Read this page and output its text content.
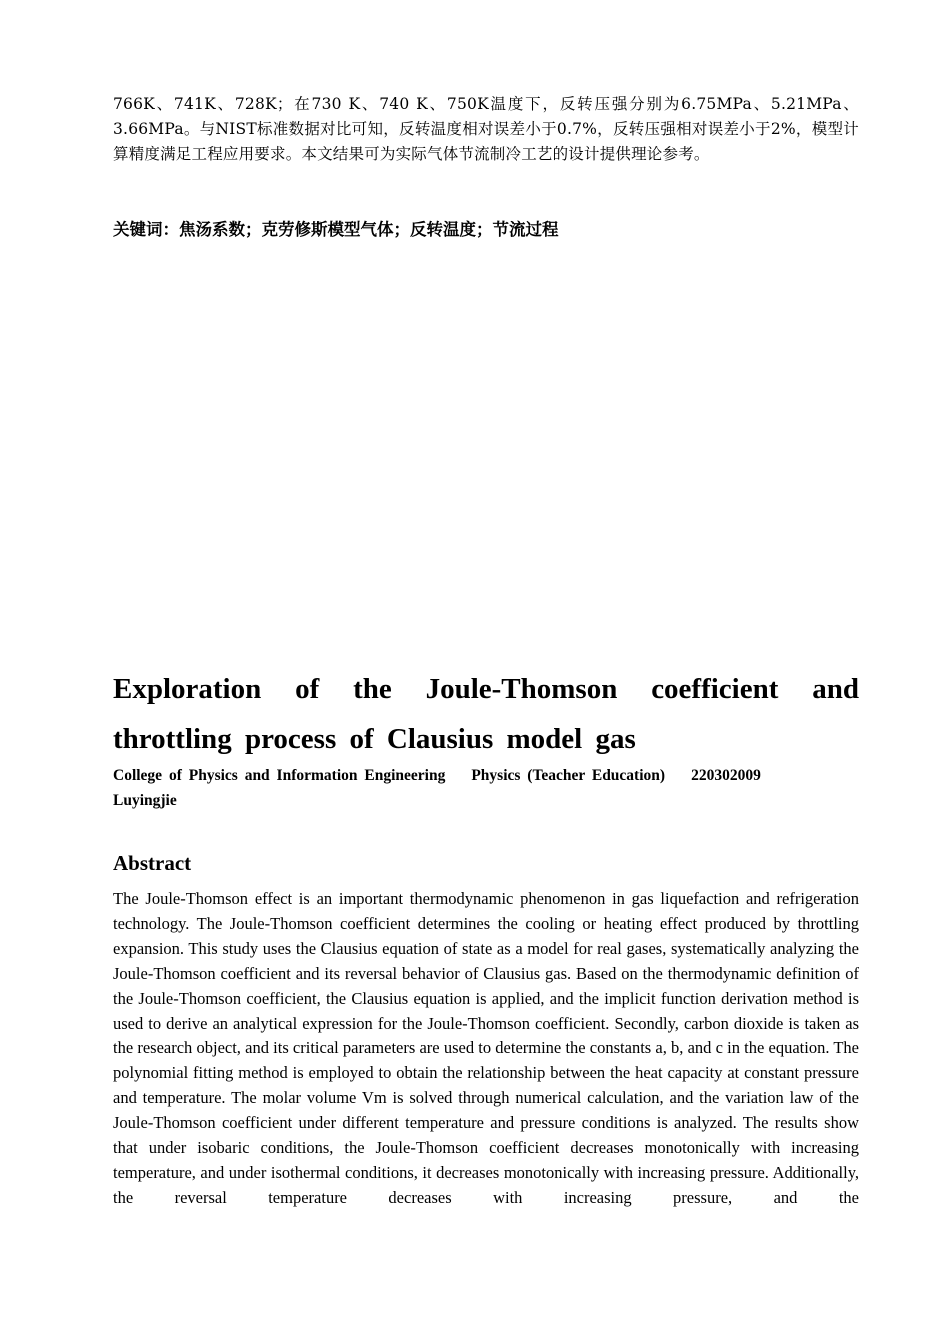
766K、741K、728K；在730 K、740 K、750K温度下，反转压强分别为6.75MPa、5.21MPa、3.66MPa。与NIST标准数据对比可知，反转温度相对误差小于0.7%，反转压强相对误差小于2%，模型计算精度满足工程应用要求。本文结果可为实际气体节流制冷工艺的设计提供理论参考。

关键词：焦汤系数；克劳修斯模型气体；反转温度；节流过程

Exploration of the Joule-Thomson coefficient and
throttling process of Clausius model gas

College of Physics and Information Engineering Physics (Teacher Education) 220302009
Luyingjie

Abstract

The Joule-Thomson effect is an important thermodynamic phenomenon in gas liquefaction and refrigeration technology. The Joule-Thomson coefficient determines the cooling or heating effect produced by throttling expansion. This study uses the Clausius equation of state as a model for real gases, systematically analyzing the Joule-Thomson coefficient and its reversal behavior of Clausius gas. Based on the thermodynamic definition of the Joule-Thomson coefficient, the Clausius equation is applied, and the implicit function derivation method is used to derive an analytical expression for the Joule-Thomson coefficient. Secondly, carbon dioxide is taken as the research object, and its critical parameters are used to determine the constants a, b, and c in the equation. The polynomial fitting method is employed to obtain the relationship between the heat capacity at constant pressure and temperature. The molar volume Vm is solved through numerical calculation, and the variation law of the Joule-Thomson coefficient under different temperature and pressure conditions is analyzed. The results show that under isobaric conditions, the Joule-Thomson coefficient decreases monotonically with increasing temperature, and under isothermal conditions, it decreases monotonically with increasing pressure. Additionally, the reversal temperature decreases with increasing pressure, and the
